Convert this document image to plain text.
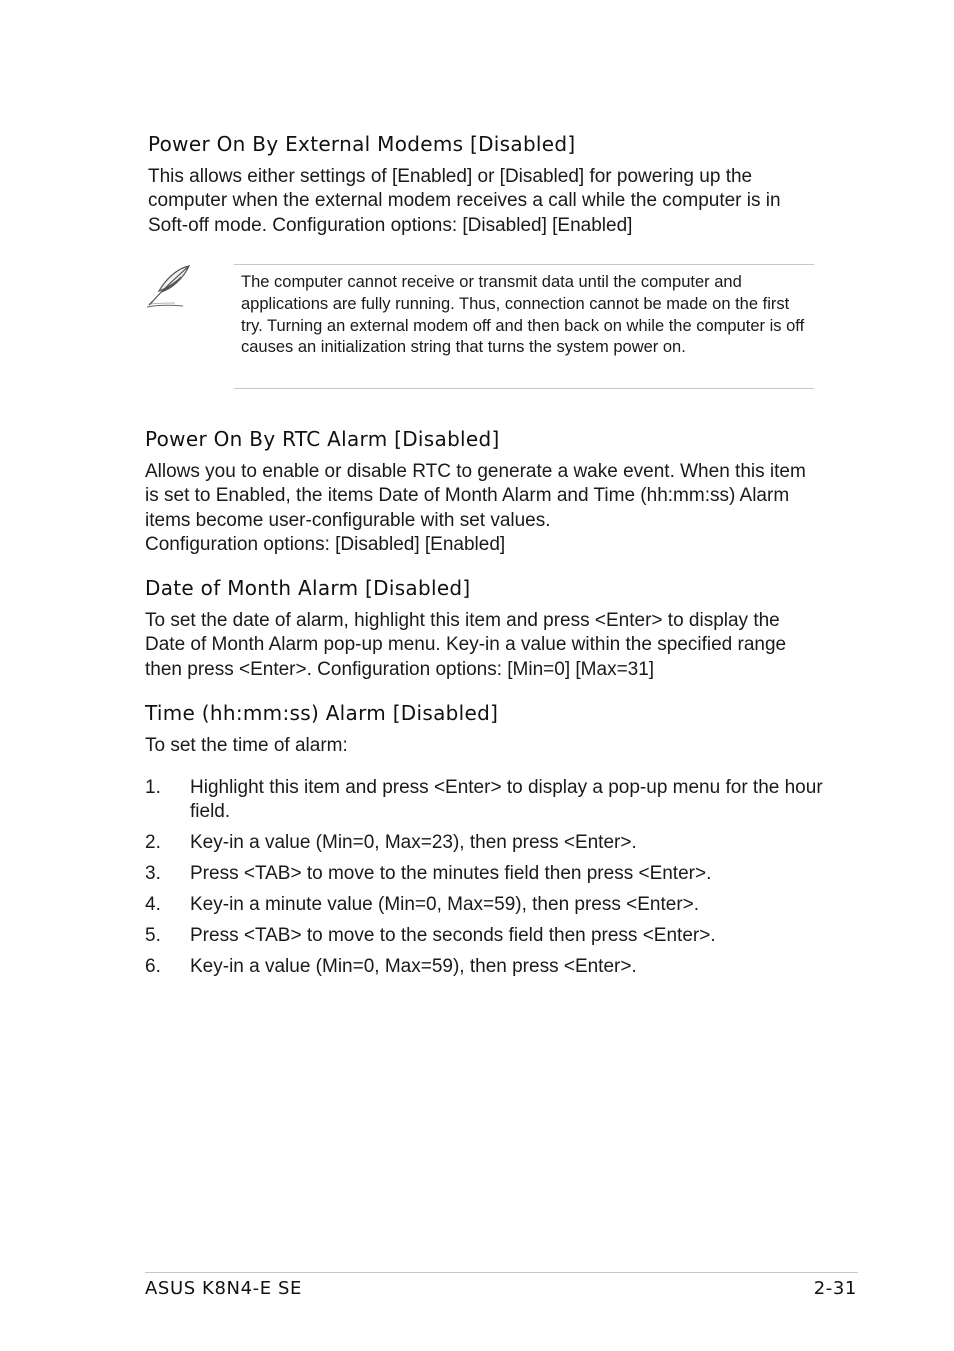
Power On By External Modems [Disabled]

This allows either settings of [Enabled] or [Disabled] for powering up the computer when the external modem receives a call while the computer is in Soft-off mode. Configuration options: [Disabled] [Enabled]

The computer cannot receive or transmit data until the computer and applications are fully running. Thus, connection cannot be made on the first try. Turning an external modem off and then back on while the computer is off causes an initialization string that turns the system power on.

Power On By RTC Alarm [Disabled]

Allows you to enable or disable RTC to generate a wake event. When this item is set to Enabled, the items Date of Month Alarm and Time (hh:mm:ss) Alarm items become user-configurable with set values.

Configuration options: [Disabled] [Enabled]

Date of Month Alarm [Disabled]

To set the date of alarm, highlight this item and press <Enter> to display the Date of Month Alarm pop-up menu. Key-in a value within the specified range then press <Enter>. Configuration options: [Min=0] [Max=31]

Time (hh:mm:ss) Alarm [Disabled]

To set the time of alarm:

1. Highlight this item and press <Enter> to display a pop-up menu for the hour field.
2. Key-in a value (Min=0, Max=23), then press <Enter>.
3. Press <TAB> to move to the minutes field then press <Enter>.
4. Key-in a minute value (Min=0, Max=59), then press <Enter>.
5. Press <TAB> to move to the seconds field then press <Enter>.
6. Key-in a value (Min=0, Max=59), then press <Enter>.

ASUS K8N4-E SE	2-31
